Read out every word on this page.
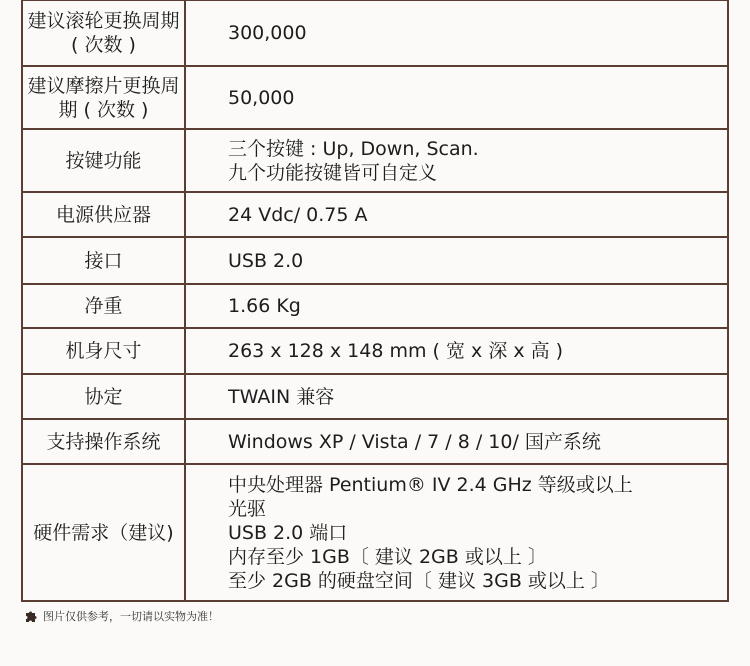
建议滚轮更换周期 ( 次数 )	300,000

建议摩擦片更换周期 ( 次数 )	50,000

按键功能	三个按键 : Up, Down, Scan.
九个功能按键皆可自定义

电源供应器	24 Vdc/ 0.75 A

接口	USB 2.0

净重	1.66 Kg

机身尺寸	263 x 128 x 148 mm ( 宽 x 深 x 高 )

协定	TWAIN 兼容

支持操作系统	Windows XP / Vista / 7 / 8 / 10/ 国产系统

硬件需求（建议)	中央处理器 Pentium® IV 2.4 GHz 等级或以上
光驱
USB 2.0 端口
内存至少 1GB〔 建议 2GB 或以上 〕
至少 2GB 的硬盘空间〔 建议 3GB 或以上 〕
图片仅供参考，一切请以实物为准！
